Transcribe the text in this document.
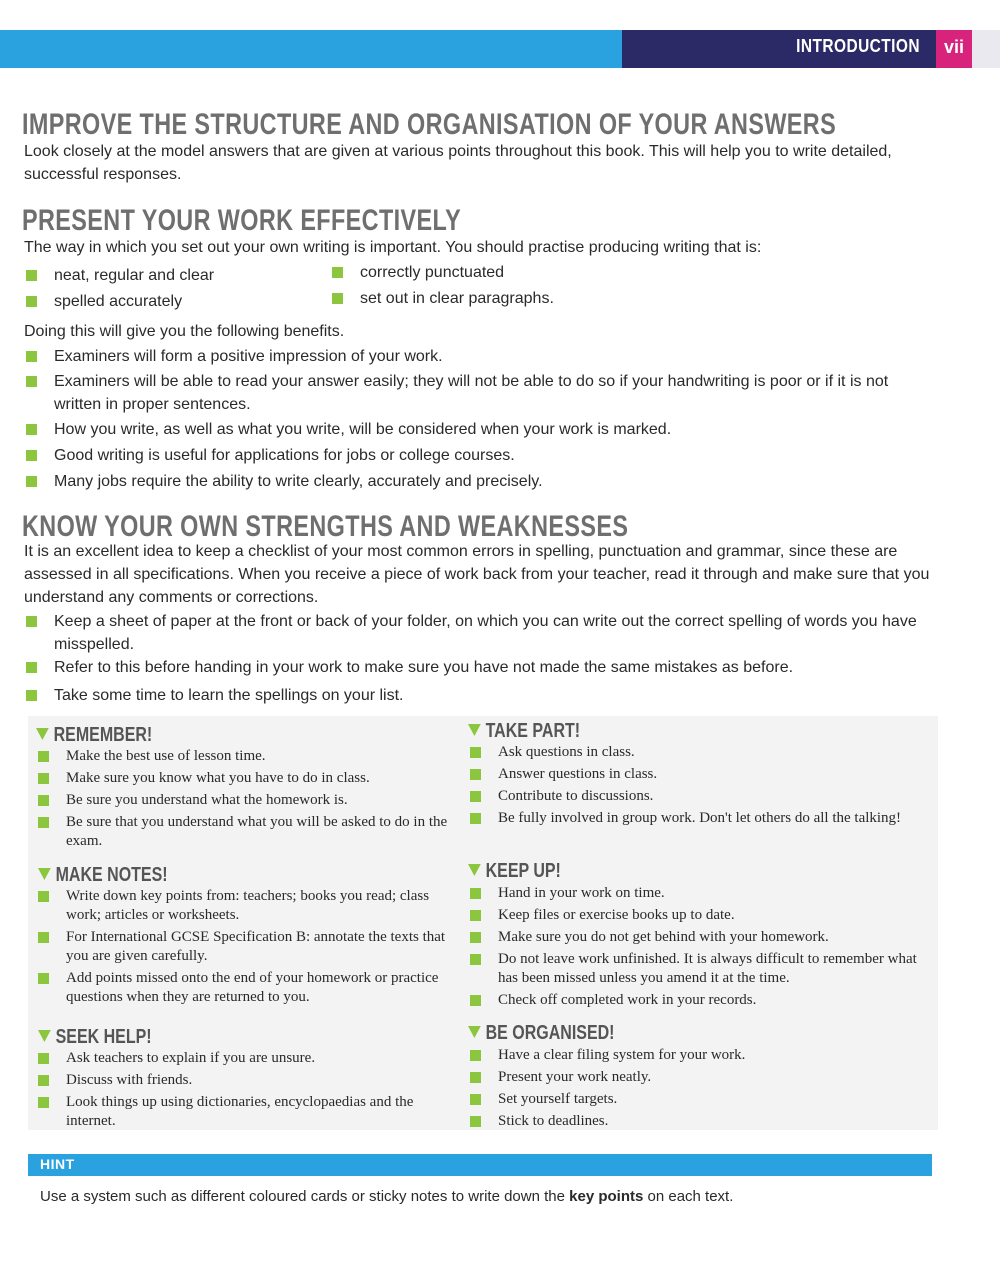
INTRODUCTION	vii
IMPROVE THE STRUCTURE AND ORGANISATION OF YOUR ANSWERS
Look closely at the model answers that are given at various points throughout this book. This will help you to write detailed, successful responses.
PRESENT YOUR WORK EFFECTIVELY
The way in which you set out your own writing is important. You should practise producing writing that is:
neat, regular and clear
spelled accurately
correctly punctuated
set out in clear paragraphs.
Doing this will give you the following benefits.
Examiners will form a positive impression of your work.
Examiners will be able to read your answer easily; they will not be able to do so if your handwriting is poor or if it is not written in proper sentences.
How you write, as well as what you write, will be considered when your work is marked.
Good writing is useful for applications for jobs or college courses.
Many jobs require the ability to write clearly, accurately and precisely.
KNOW YOUR OWN STRENGTHS AND WEAKNESSES
It is an excellent idea to keep a checklist of your most common errors in spelling, punctuation and grammar, since these are assessed in all specifications. When you receive a piece of work back from your teacher, read it through and make sure that you understand any comments or corrections.
Keep a sheet of paper at the front or back of your folder, on which you can write out the correct spelling of words you have misspelled.
Refer to this before handing in your work to make sure you have not made the same mistakes as before.
Take some time to learn the spellings on your list.
REMEMBER!
Make the best use of lesson time.
Make sure you know what you have to do in class.
Be sure you understand what the homework is.
Be sure that you understand what you will be asked to do in the exam.
MAKE NOTES!
Write down key points from: teachers; books you read; class work; articles or worksheets.
For International GCSE Specification B: annotate the texts that you are given carefully.
Add points missed onto the end of your homework or practice questions when they are returned to you.
SEEK HELP!
Ask teachers to explain if you are unsure.
Discuss with friends.
Look things up using dictionaries, encyclopaedias and the internet.
TAKE PART!
Ask questions in class.
Answer questions in class.
Contribute to discussions.
Be fully involved in group work. Don't let others do all the talking!
KEEP UP!
Hand in your work on time.
Keep files or exercise books up to date.
Make sure you do not get behind with your homework.
Do not leave work unfinished. It is always difficult to remember what has been missed unless you amend it at the time.
Check off completed work in your records.
BE ORGANISED!
Have a clear filing system for your work.
Present your work neatly.
Set yourself targets.
Stick to deadlines.
HINT
Use a system such as different coloured cards or sticky notes to write down the key points on each text.
